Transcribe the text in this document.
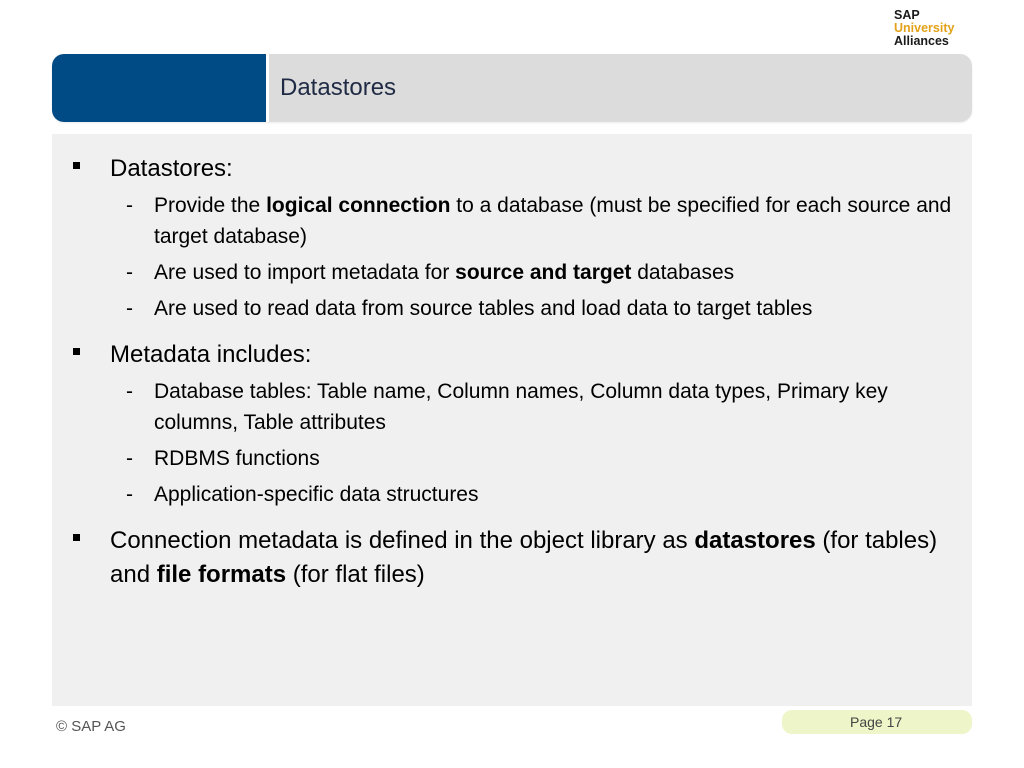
SAP
University
Alliances
Datastores
Datastores:
- Provide the logical connection to a database (must be specified for each source and target database)
- Are used to import metadata for source and target databases
- Are used to read data from source tables and load data to target tables
Metadata includes:
- Database tables: Table name, Column names, Column data types, Primary key columns, Table attributes
- RDBMS functions
- Application-specific data structures
Connection metadata is defined in the object library as datastores (for tables) and file formats (for flat files)
© SAP AG	Page 17
